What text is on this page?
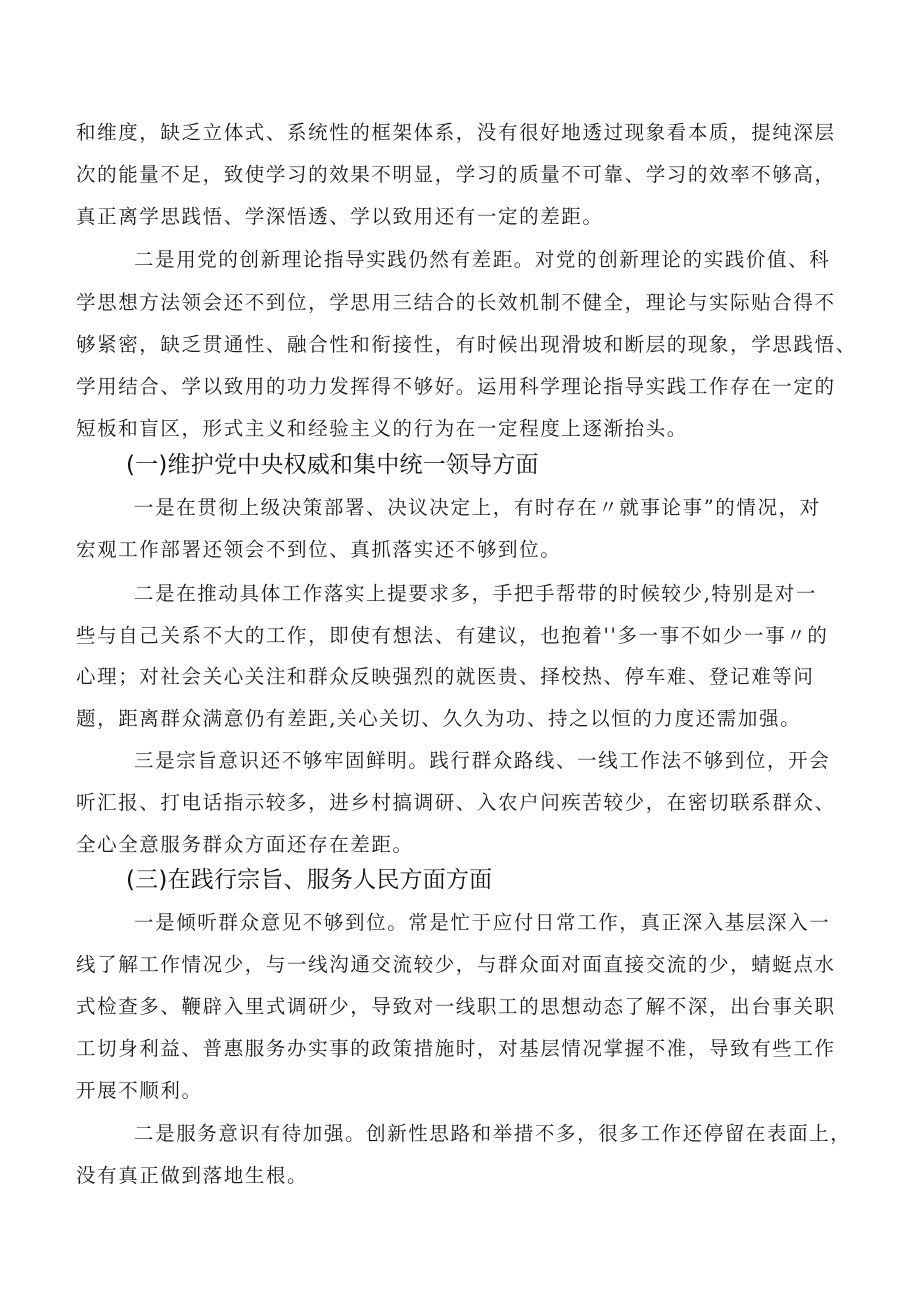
和维度，缺乏立体式、系统性的框架体系，没有很好地透过现象看本质，提纯深层
次的能量不足，致使学习的效果不明显，学习的质量不可靠、学习的效率不够高，
真正离学思践悟、学深悟透、学以致用还有一定的差距。
二是用党的创新理论指导实践仍然有差距。对党的创新理论的实践价值、科
学思想方法领会还不到位，学思用三结合的长效机制不健全，理论与实际贴合得不
够紧密，缺乏贯通性、融合性和衔接性，有时候出现滑坡和断层的现象，学思践悟、
学用结合、学以致用的功力发挥得不够好。运用科学理论指导实践工作存在一定的
短板和盲区，形式主义和经验主义的行为在一定程度上逐渐抬头。
(一)维护党中央权威和集中统一领导方面
一是在贯彻上级决策部署、决议决定上，有时存在〃就事论事”的情况，对
宏观工作部署还领会不到位、真抓落实还不够到位。
二是在推动具体工作落实上提要求多，手把手帮带的时候较少,特别是对一
些与自己关系不大的工作，即使有想法、有建议，也抱着''多一事不如少一事〃的
心理；对社会关心关注和群众反映强烈的就医贵、择校热、停车难、登记难等问
题，距离群众满意仍有差距,关心关切、久久为功、持之以恒的力度还需加强。
三是宗旨意识还不够牢固鲜明。践行群众路线、一线工作法不够到位，开会
听汇报、打电话指示较多，进乡村搞调研、入农户问疾苦较少，在密切联系群众、
全心全意服务群众方面还存在差距。
(三)在践行宗旨、服务人民方面方面
一是倾听群众意见不够到位。常是忙于应付日常工作，真正深入基层深入一
线了解工作情况少，与一线沟通交流较少，与群众面对面直接交流的少，蜻蜓点水
式检查多、鞭辟入里式调研少，导致对一线职工的思想动态了解不深，出台事关职
工切身利益、普惠服务办实事的政策措施时，对基层情况掌握不准，导致有些工作
开展不顺利。
二是服务意识有待加强。创新性思路和举措不多，很多工作还停留在表面上，
没有真正做到落地生根。
